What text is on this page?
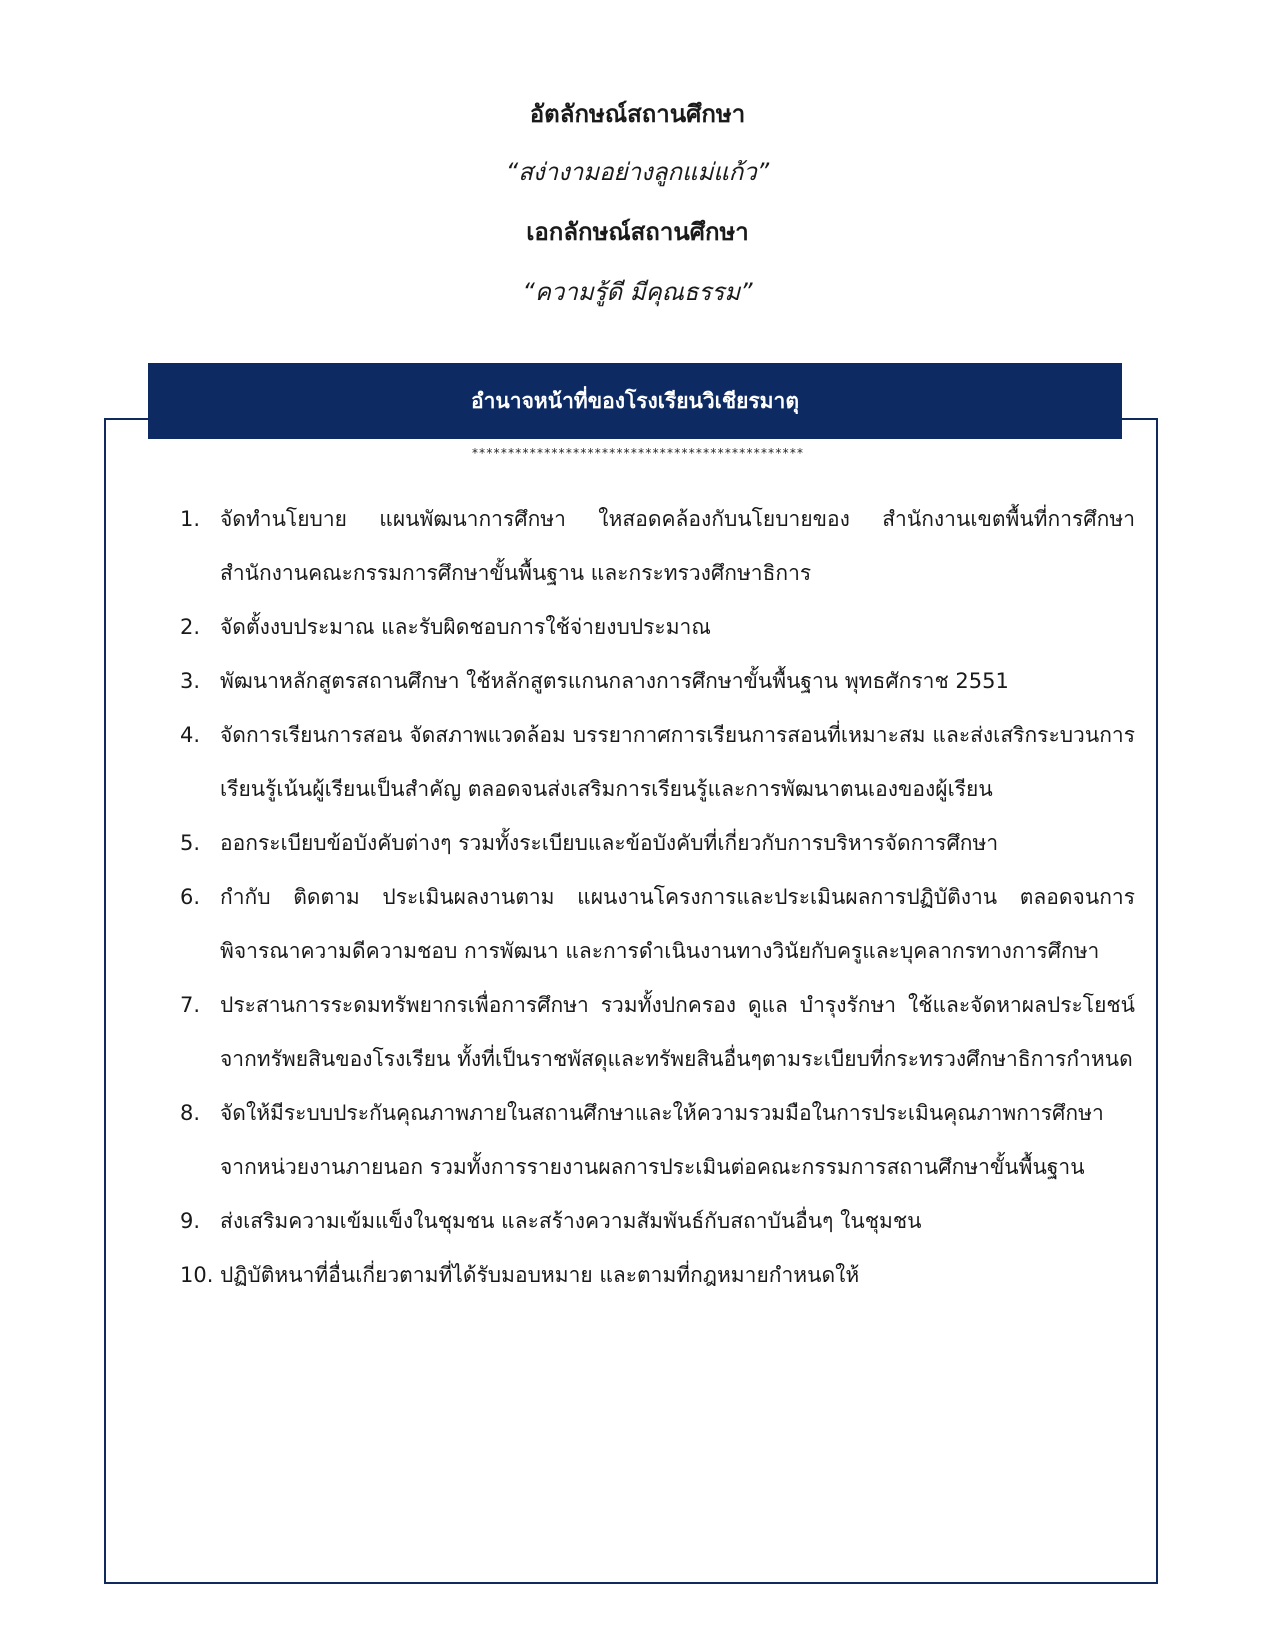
อัตลักษณ์สถานศึกษา
“สง่างามอย่างลูกแม่แก้ว”
เอกลักษณ์สถานศึกษา
“ความรู้ดี มีคุณธรรม”
อำนาจหน้าที่ของโรงเรียนวิเชียรมาตุ
**********************************************
1. จัดทำนโยบาย แผนพัฒนาการศึกษา ใหสอดคล้องกับนโยบายของ สำนักงานเขตพื้นที่การศึกษา สำนักงานคณะกรรมการศึกษาขั้นพื้นฐาน และกระทรวงศึกษาธิการ
2. จัดตั้งงบประมาณ และรับผิดชอบการใช้จ่ายงบประมาณ
3. พัฒนาหลักสูตรสถานศึกษา ใช้หลักสูตรแกนกลางการศึกษาขั้นพื้นฐาน พุทธศักราช 2551
4. จัดการเรียนการสอน จัดสภาพแวดล้อม บรรยากาศการเรียนการสอนที่เหมาะสม และส่งเสริกระบวนการเรียนรู้เน้นผู้เรียนเป็นสำคัญ ตลอดจนส่งเสริมการเรียนรู้และการพัฒนาตนเองของผู้เรียน
5. ออกระเบียบข้อบังคับต่างๆ รวมทั้งระเบียบและข้อบังคับที่เกี่ยวกับการบริหารจัดการศึกษา
6. กำกับ ติดตาม ประเมินผลงานตาม แผนงานโครงการและประเมินผลการปฏิบัติงาน ตลอดจนการพิจารณาความดีความชอบ การพัฒนา และการดำเนินงานทางวินัยกับครูและบุคลากรทางการศึกษา
7. ประสานการระดมทรัพยากรเพื่อการศึกษา รวมทั้งปกครอง ดูแล บำรุงรักษา ใช้และจัดหาผลประโยชน์จากทรัพยสินของโรงเรียน ทั้งที่เป็นราชพัสดุและทรัพยสินอื่นๆตามระเบียบที่กระทรวงศึกษาธิการกำหนด
8. จัดให้มีระบบประกันคุณภาพภายในสถานศึกษาและให้ความรวมมือในการประเมินคุณภาพการศึกษาจากหน่วยงานภายนอก รวมทั้งการรายงานผลการประเมินต่อคณะกรรมการสถานศึกษาขั้นพื้นฐาน
9. ส่งเสริมความเข้มแข็งในชุมชน และสร้างความสัมพันธ์กับสถาบันอื่นๆ ในชุมชน
10. ปฏิบัติหนาที่อื่นเกี่ยวตามที่ได้รับมอบหมาย และตามที่กฎหมายกำหนดให้
